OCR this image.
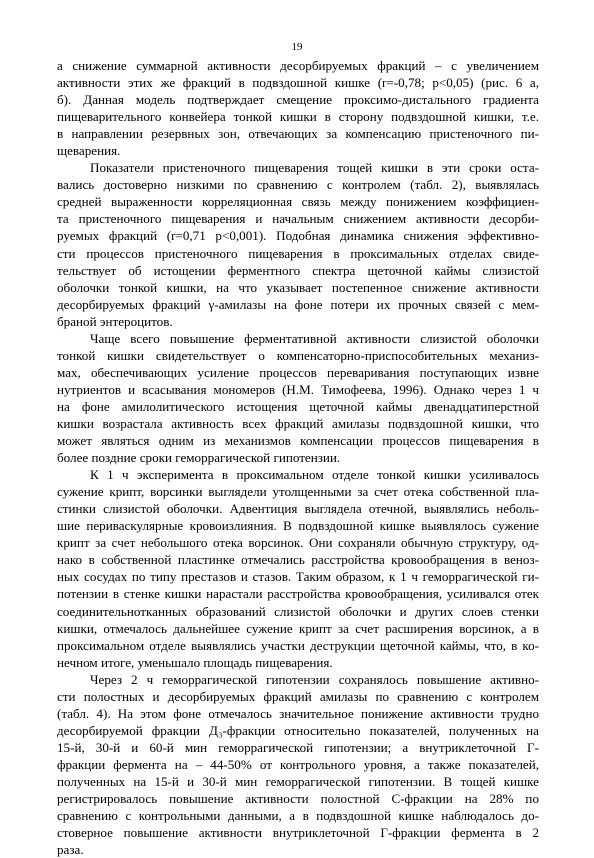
19

а снижение суммарной активности десорбируемых фракций – с увеличением
активности этих же фракций в подвздошной кишке (r=-0,78; p<0,05) (рис. 6 а,
б). Данная модель подтверждает смещение проксимо-дистального градиента
пищеварительного конвейера тонкой кишки в сторону подвздошной кишки, т.е.
в направлении резервных зон, отвечающих за компенсацию пристеночного пи-
щеварения.

Показатели пристеночного пищеварения тощей кишки в эти сроки оста-
вались достоверно низкими по сравнению с контролем (табл. 2), выявлялась
средней выраженности корреляционная связь между понижением коэффициен-
та пристеночного пищеварения и начальным снижением активности десорби-
руемых фракций (r=0,71 p<0,001). Подобная динамика снижения эффективно-
сти процессов пристеночного пищеварения в проксимальных отделах свиде-
тельствует об истощении ферментного спектра щеточной каймы слизистой
оболочки тонкой кишки, на что указывает постепенное снижение активности
десорбируемых фракций γ-амилазы на фоне потери их прочных связей с мем-
браной энтероцитов.

Чаще всего повышение ферментативной активности слизистой оболочки
тонкой кишки свидетельствует о компенсаторно-приспособительных механиз-
мах, обеспечивающих усиление процессов переваривания поступающих извне
нутриентов и всасывания мономеров (Н.М. Тимофеева, 1996). Однако через 1 ч
на фоне амилолитического истощения щеточной каймы двенадцатиперстной
кишки возрастала активность всех фракций амилазы подвздошной кишки, что
может являться одним из механизмов компенсации процессов пищеварения в
более поздние сроки геморрагической гипотензии.

К 1 ч эксперимента в проксимальном отделе тонкой кишки усиливалось
сужение крипт, ворсинки выглядели утолщенными за счет отека собственной пла-
стинки слизистой оболочки. Адвентиция выглядела отечной, выявлялись неболь-
шие периваскулярные кровоизлияния. В подвздошной кишке выявлялось сужение
крипт за счет небольшого отека ворсинок. Они сохраняли обычную структуру, од-
нако в собственной пластинке отмечались расстройства кровообращения в веноз-
ных сосудах по типу престазов и стазов. Таким образом, к 1 ч геморрагической ги-
потензии в стенке кишки нарастали расстройства кровообращения, усиливался отек
соединительнотканных образований слизистой оболочки и других слоев стенки
кишки, отмечалось дальнейшее сужение крипт за счет расширения ворсинок, а в
проксимальном отделе выявлялись участки деструкции щеточной каймы, что, в ко-
нечном итоге, уменьшало площадь пищеварения.

Через 2 ч геморрагической гипотензии сохранялось повышение активно-
сти полостных и десорбируемых фракций амилазы по сравнению с контролем
(табл. 4). На этом фоне отмечалось значительное понижение активности трудно
десорбируемой фракции Д₃-фракции относительно показателей, полученных на
15-й, 30-й и 60-й мин геморрагической гипотензии; а внутриклеточной Г-
фракции фермента на – 44-50% от контрольного уровня, а также показателей,
полученных на 15-й и 30-й мин геморрагической гипотензии. В тощей кишке
регистрировалось повышение активности полостной С-фракции на 28% по
сравнению с контрольными данными, а в подвздошной кишке наблюдалось до-
стоверное повышение активности внутриклеточной Г-фракции фермента в 2
раза.
